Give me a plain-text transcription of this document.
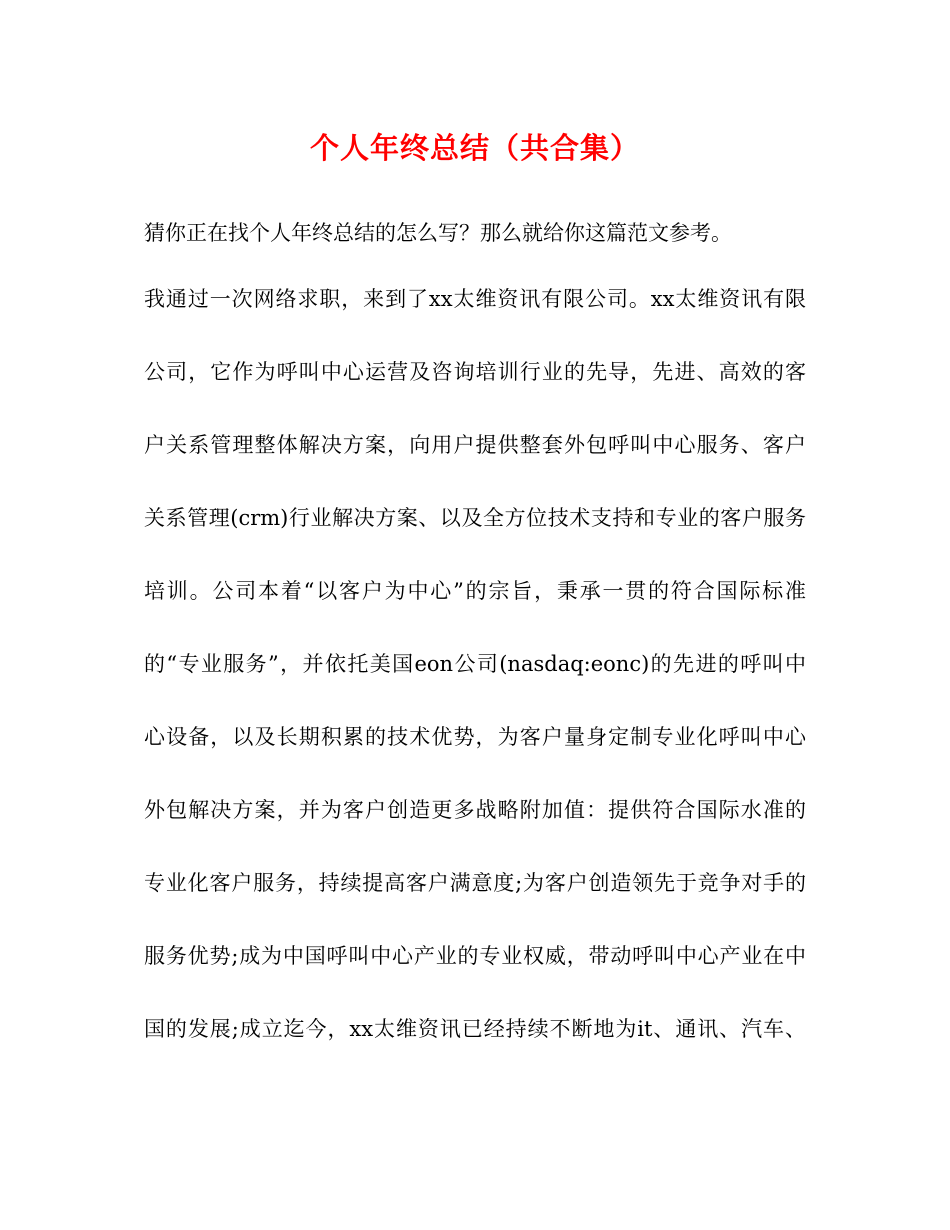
个人年终总结（共合集）

猜你正在找个人年终总结的怎么写？那么就给你这篇范文参考。

我通过一次网络求职，来到了xx太维资讯有限公司。xx太维资讯有限
公司，它作为呼叫中心运营及咨询培训行业的先导，先进、高效的客
户关系管理整体解决方案，向用户提供整套外包呼叫中心服务、客户
关系管理(crm)行业解决方案、以及全方位技术支持和专业的客户服务
培训。公司本着“以客户为中心”的宗旨，秉承一贯的符合国际标准
的“专业服务”，并依托美国eon公司(nasdaq:eonc)的先进的呼叫中
心设备，以及长期积累的技术优势，为客户量身定制专业化呼叫中心
外包解决方案，并为客户创造更多战略附加值：提供符合国际水准的
专业化客户服务，持续提高客户满意度;为客户创造领先于竞争对手的
服务优势;成为中国呼叫中心产业的专业权威，带动呼叫中心产业在中
国的发展;成立迄今，xx太维资讯已经持续不断地为it、通讯、汽车、
